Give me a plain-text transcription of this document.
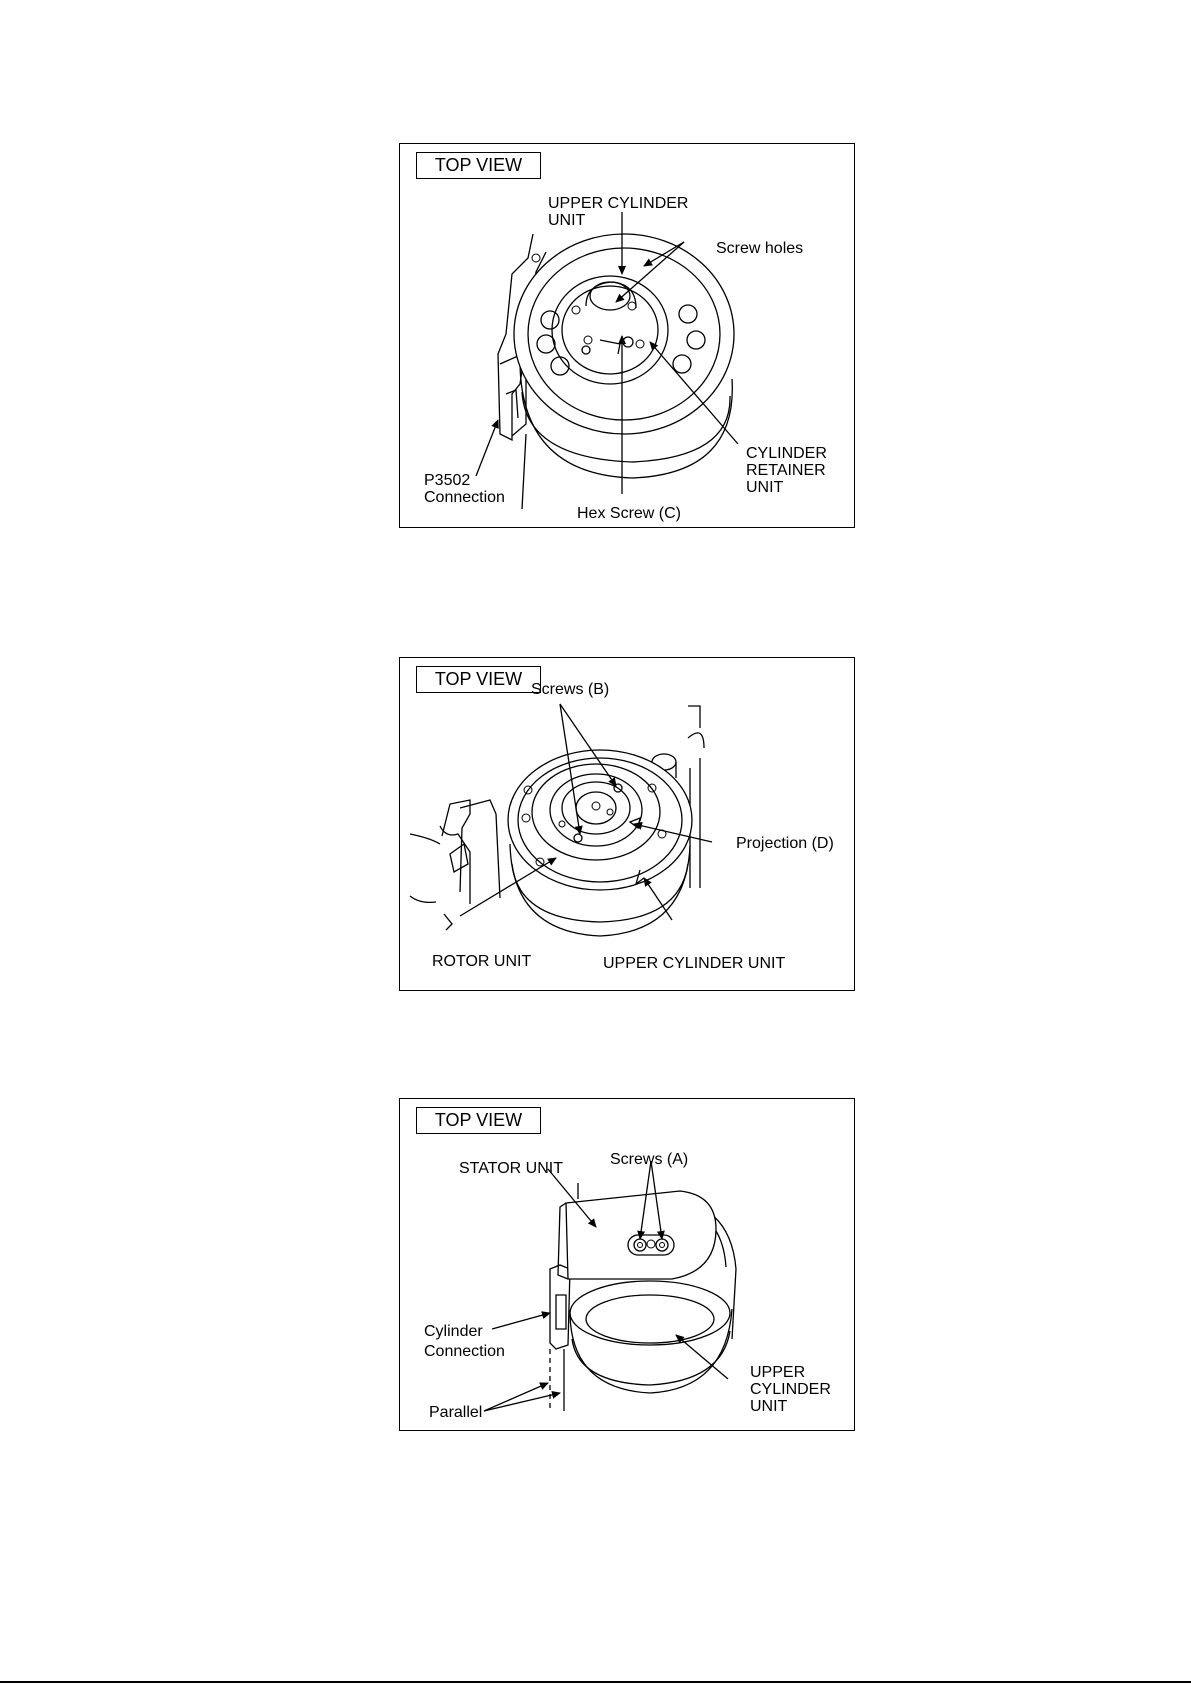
TOP VIEW
UPPER CYLINDER
UNIT
Screw holes
CYLINDER
RETAINER
UNIT
P3502
Connection
Hex Screw (C)
TOP VIEW
Screws (B)
Projection (D)
ROTOR UNIT	UPPER CYLINDER UNIT
TOP VIEW
STATOR UNIT
Screws (A)
Cylinder
Connection
Parallel
UPPER
CYLINDER
UNIT
